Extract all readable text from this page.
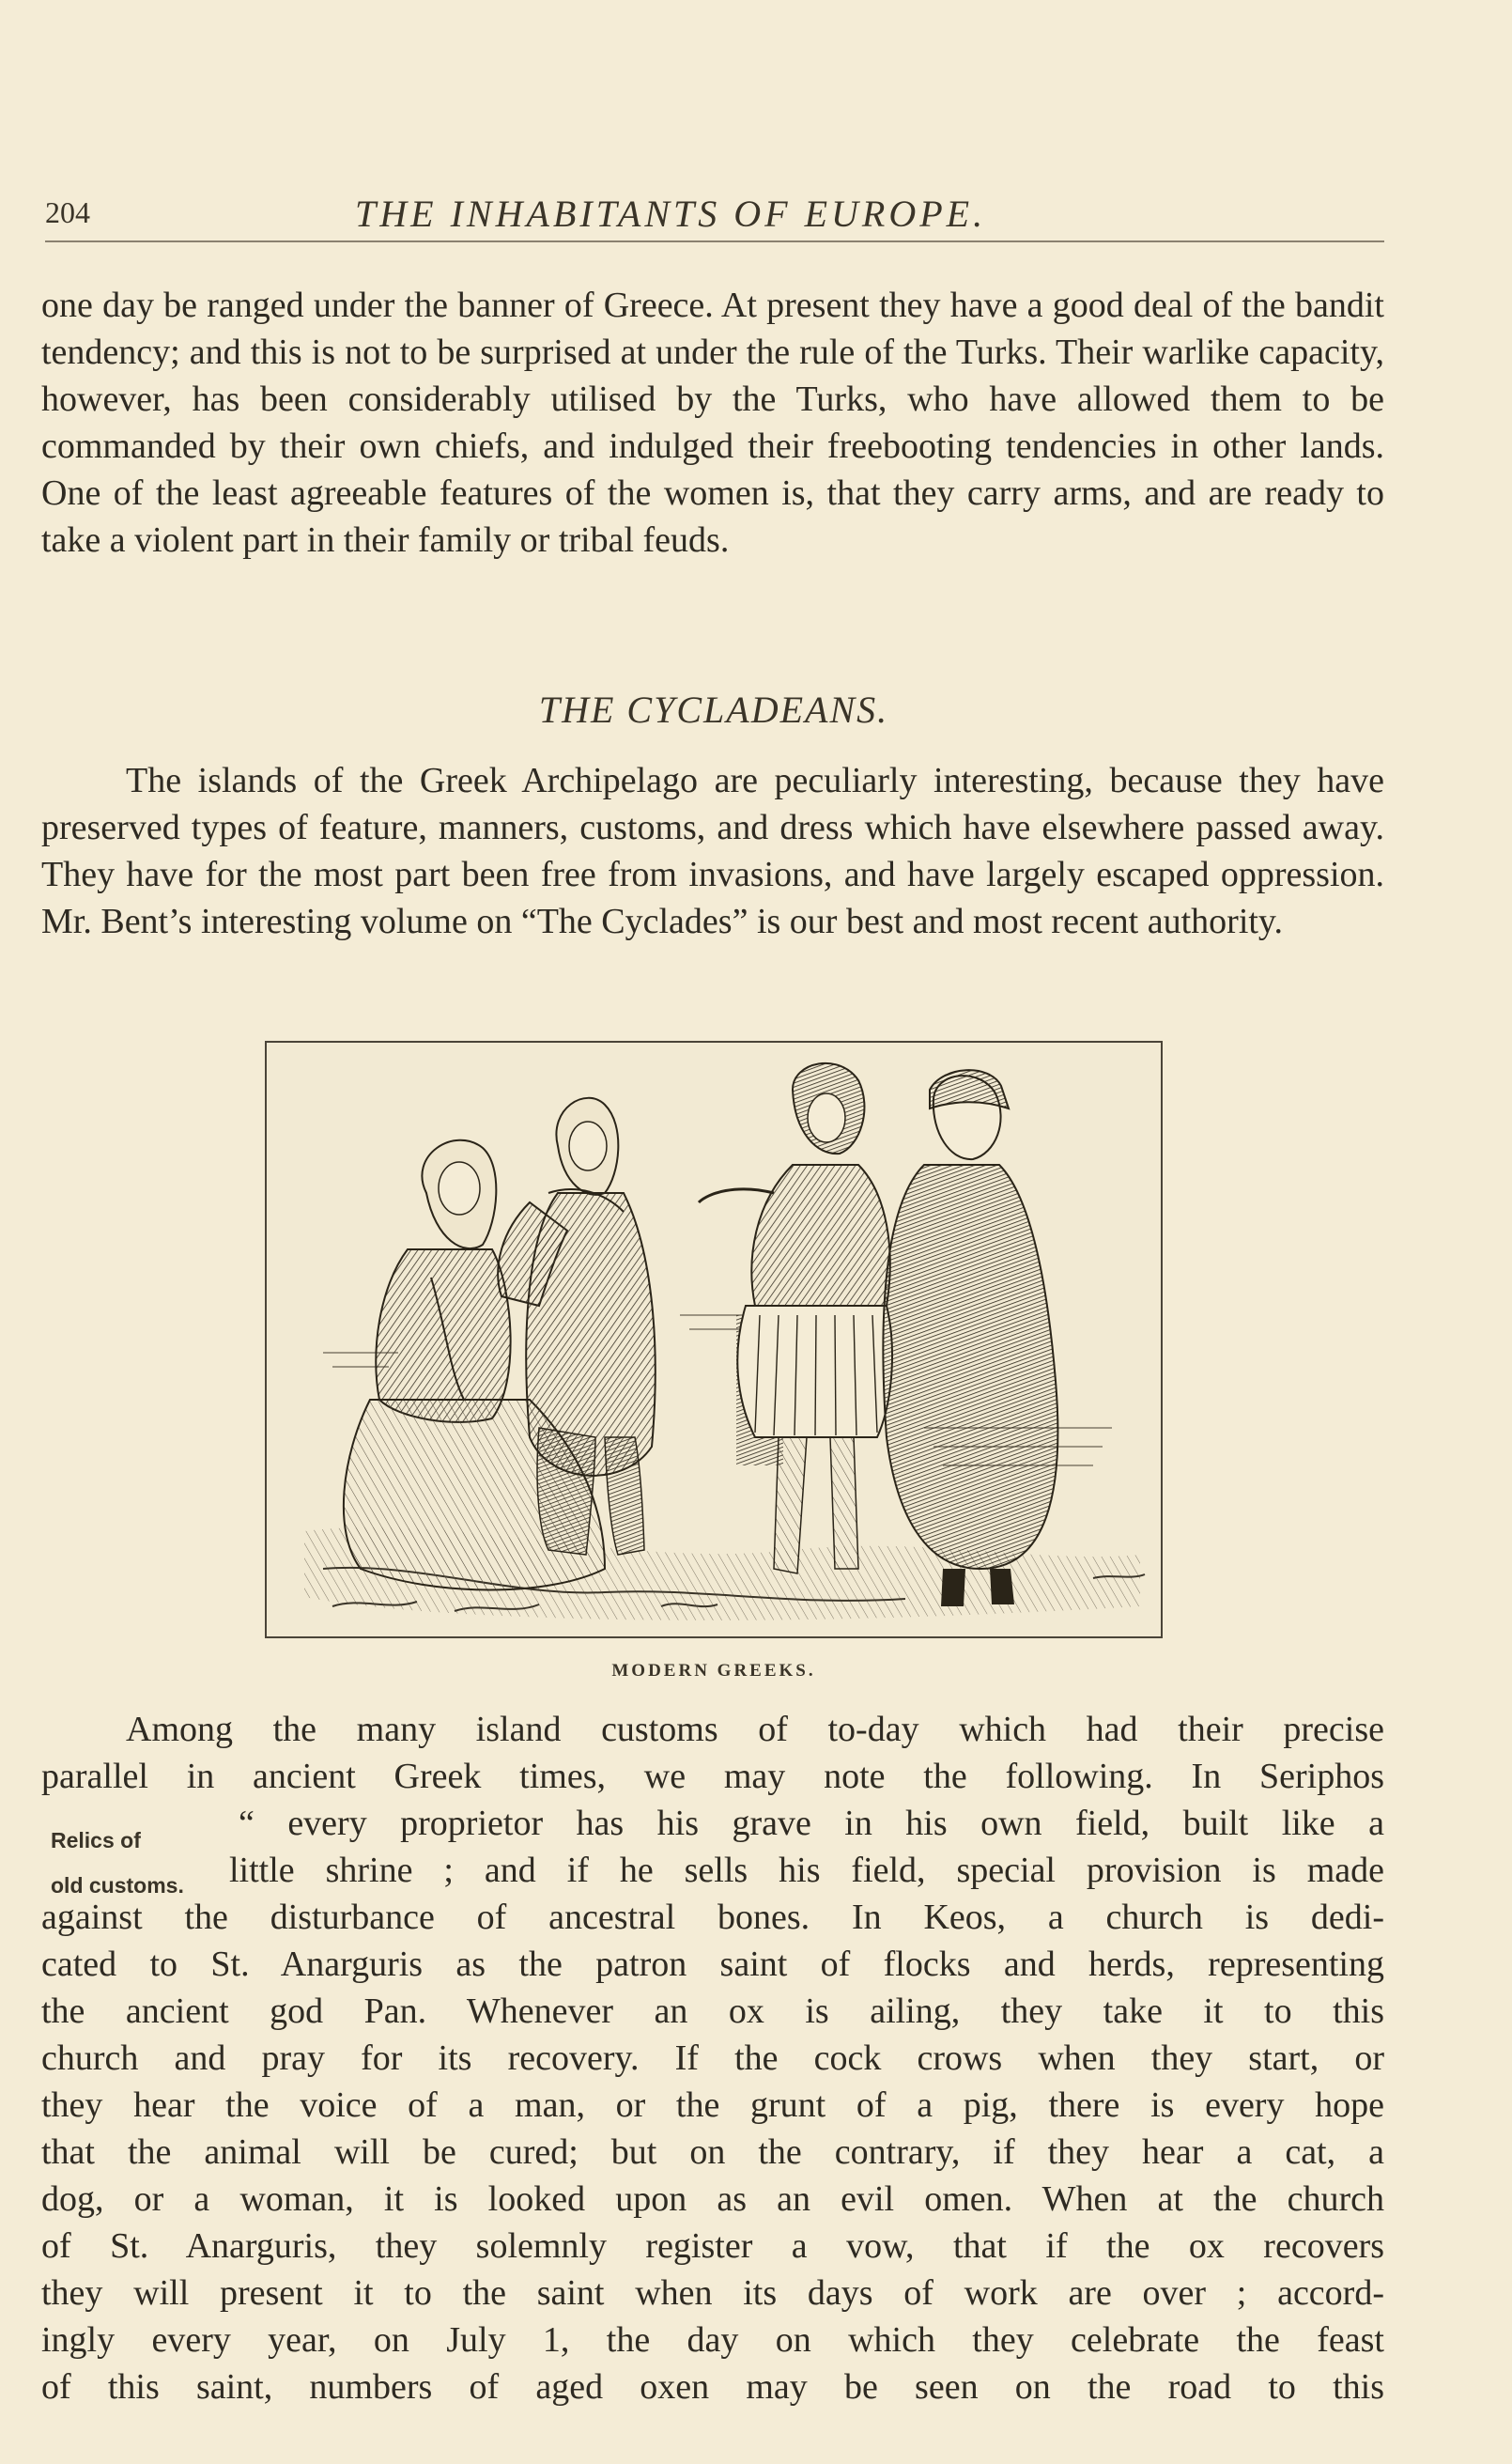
204	THE INHABITANTS OF EUROPE.

one day be ranged under the banner of Greece. At present they have a good deal of the bandit tendency; and this is not to be surprised at under the rule of the Turks. Their warlike capacity, however, has been considerably utilised by the Turks, who have allowed them to be commanded by their own chiefs, and indulged their freebooting tendencies in other lands. One of the least agreeable features of the women is, that they carry arms, and are ready to take a violent part in their family or tribal feuds.

THE CYCLADEANS.

The islands of the Greek Archipelago are peculiarly interesting, because they have preserved types of feature, manners, customs, and dress which have elsewhere passed away. They have for the most part been free from invasions, and have largely escaped oppression. Mr. Bent’s interesting volume on “The Cyclades” is our best and most recent authority.

MODERN GREEKS.
Relics of
old customs.
Among the many island customs of to-day which had their precise
parallel in ancient Greek times, we may note the following. In Seriphos
“ every proprietor has his grave in his own field, built like a
little shrine ; and if he sells his field, special provision is made
against the disturbance of ancestral bones. In Keos, a church is dedi-
cated to St. Anarguris as the patron saint of flocks and herds, representing
the ancient god Pan. Whenever an ox is ailing, they take it to this
church and pray for its recovery. If the cock crows when they start, or
they hear the voice of a man, or the grunt of a pig, there is every hope
that the animal will be cured; but on the contrary, if they hear a cat, a
dog, or a woman, it is looked upon as an evil omen. When at the church
of St. Anarguris, they solemnly register a vow, that if the ox recovers
they will present it to the saint when its days of work are over ; accord-
ingly every year, on July 1, the day on which they celebrate the feast
of this saint, numbers of aged oxen may be seen on the road to this
